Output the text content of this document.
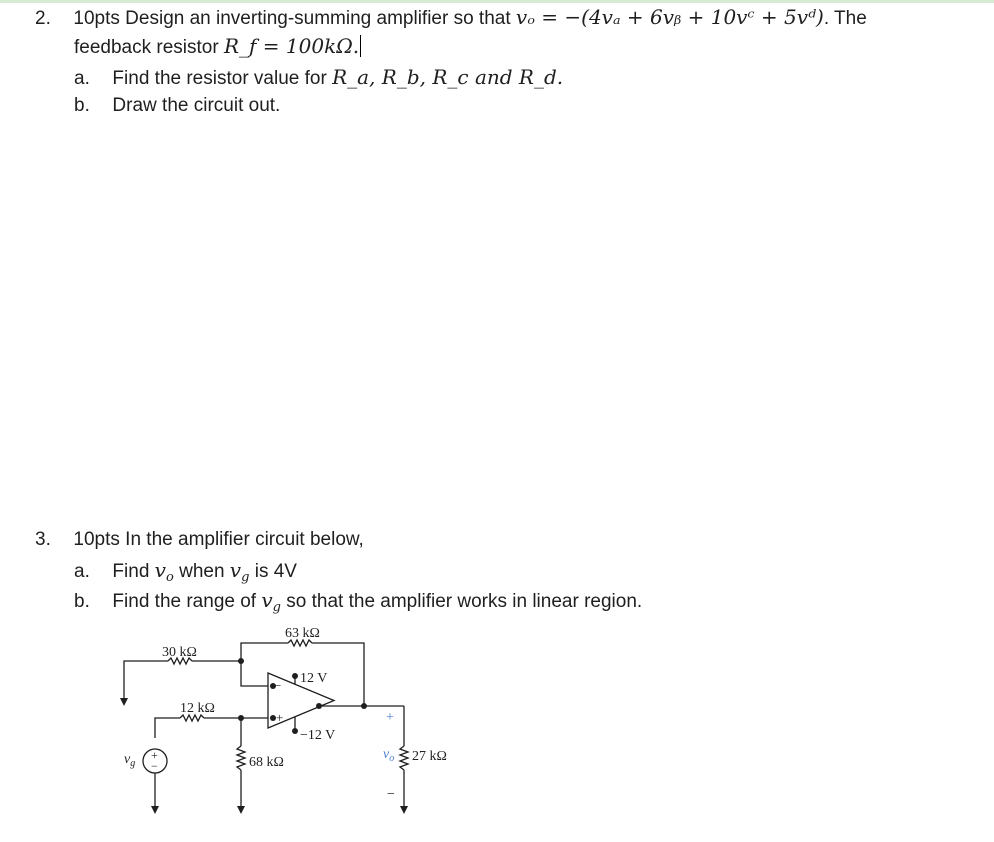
2. 10pts Design an inverting-summing amplifier so that vₒ = −(4vₐ + 6vᵦ + 10vᶜ + 5vᵈ). The
feedback resistor R_f = 100kΩ.
a. Find the resistor value for R_a, R_b, R_c and R_d.
b. Draw the circuit out.
3. 10pts In the amplifier circuit below,
a. Find $v_o$ when $v_g$ is 4V
b. Find the range of $v_g$ so that the amplifier works in linear region.
63 kΩ
30 kΩ
12 kΩ
68 kΩ	27 kΩ
12 V
−12 V
−
+
+
−
$v_g$
+
$v_o$
−
